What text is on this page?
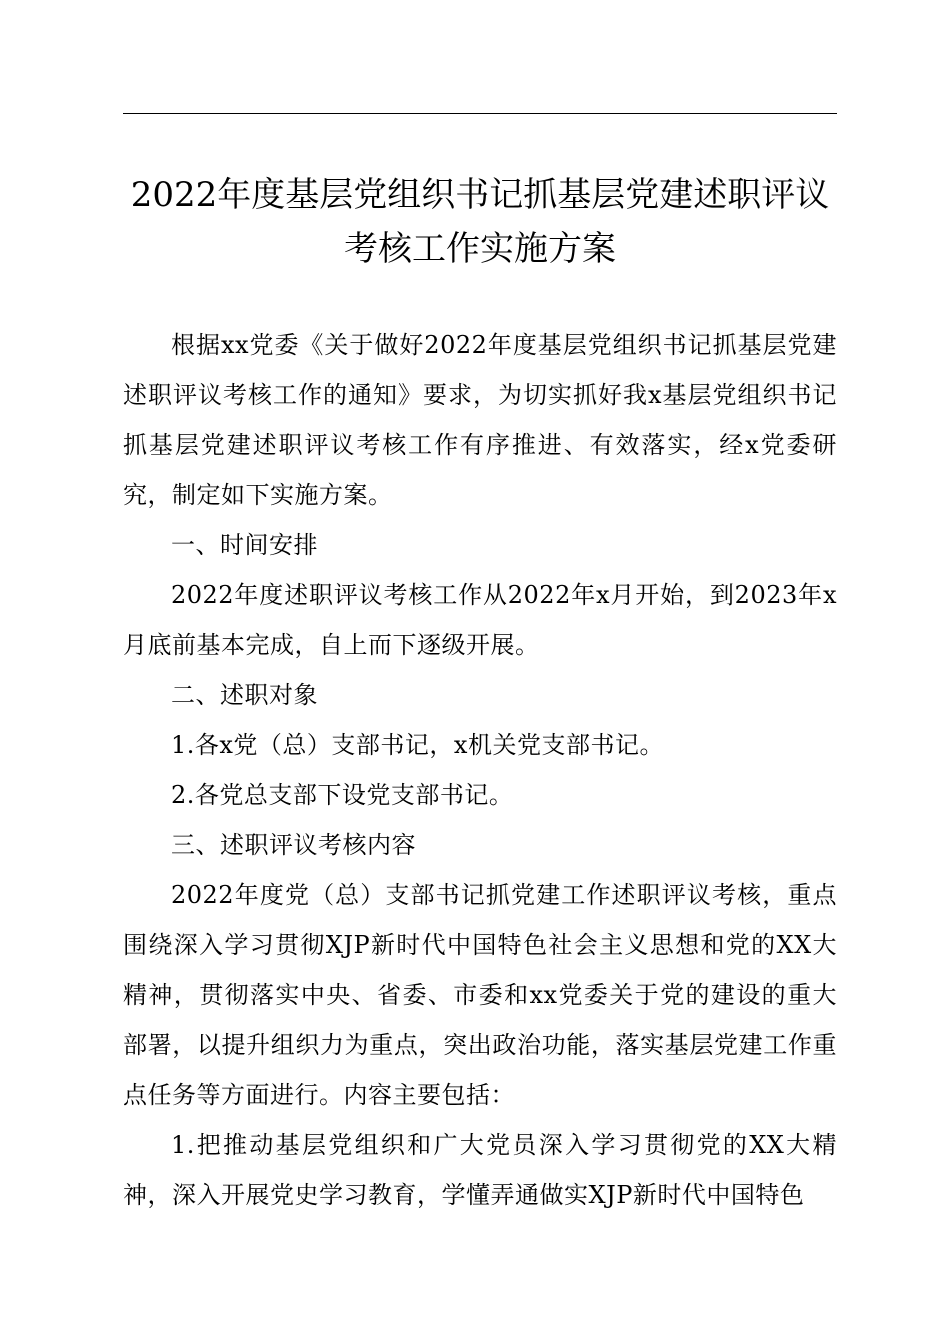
2022年度基层党组织书记抓基层党建述职评议
考核工作实施方案

根据xx党委《关于做好2022年度基层党组织书记抓基层党建述职评议考核工作的通知》要求，为切实抓好我x基层党组织书记抓基层党建述职评议考核工作有序推进、有效落实，经x党委研究，制定如下实施方案。

一、时间安排

2022年度述职评议考核工作从2022年x月开始，到2023年x月底前基本完成，自上而下逐级开展。

二、述职对象

1.各x党（总）支部书记，x机关党支部书记。

2.各党总支部下设党支部书记。

三、述职评议考核内容

2022年度党（总）支部书记抓党建工作述职评议考核，重点围绕深入学习贯彻XJP新时代中国特色社会主义思想和党的XX大精神，贯彻落实中央、省委、市委和xx党委关于党的建设的重大部署，以提升组织力为重点，突出政治功能，落实基层党建工作重点任务等方面进行。内容主要包括：

1.把推动基层党组织和广大党员深入学习贯彻党的XX大精神，深入开展党史学习教育，学懂弄通做实XJP新时代中国特色
